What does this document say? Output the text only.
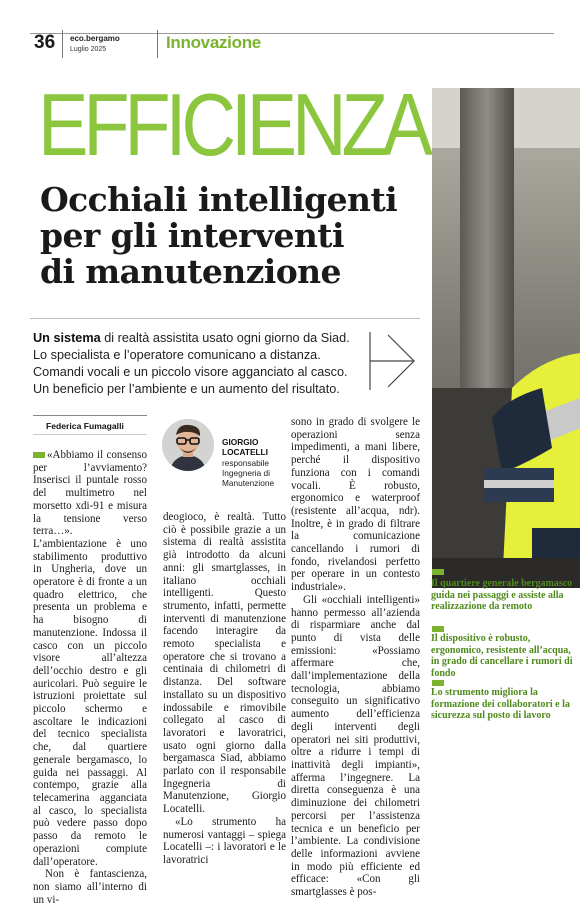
36 eco.bergamo
Luglio 2025	Innovazione
EFFICIENZA
Occhiali intelligenti
per gli interventi
di manutenzione
Un sistema di realtà assistita usato ogni giorno da Siad.
Lo specialista e l’operatore comunicano a distanza.
Comandi vocali e un piccolo visore agganciato al casco.
Un beneficio per l’ambiente e un aumento del risultato.
Federica Fumagalli

«Abbiamo il consenso per l’avviamento? Inserisci il puntale rosso del multimetro nel morsetto xdi-91 e misura la tensione verso terra…». L’ambientazione è uno stabilimento produttivo in Ungheria, dove un operatore è di fronte a un quadro elettrico, che presenta un problema e ha bisogno di manutenzione. Indossa il casco con un piccolo visore all’altezza dell’occhio destro e gli auricolari. Può seguire le istruzioni proiettate sul piccolo schermo e ascoltare le indicazioni del tecnico specialista che, dal quartiere generale bergamasco, lo guida nei passaggi. Al contempo, grazie alla telecamerina agganciata al casco, lo specialista può vedere passo dopo passo da remoto le operazioni compiute dall’operatore.

Non è fantascienza, non siamo all’interno di un vi-

GIORGIO
LOCATELLI
responsabile
Ingegneria di
Manutenzione

deogioco, è realtà. Tutto ciò è possibile grazie a un sistema di realtà assistita già introdotto da alcuni anni: gli smartglasses, in italiano occhiali intelligenti. Questo strumento, infatti, permette interventi di manutenzione facendo interagire da remoto specialista e operatore che si trovano a centinaia di chilometri di distanza. Del software installato su un dispositivo indossabile e rimovibile collegato al casco di lavoratori e lavoratrici, usato ogni giorno dalla bergamasca Siad, abbiamo parlato con il responsabile Ingegneria di Manutenzione, Giorgio Locatelli.

«Lo strumento ha numerosi vantaggi – spiega Locatelli –: i lavoratori e le lavoratrici

sono in grado di svolgere le operazioni senza impedimenti, a mani libere, perché il dispositivo funziona con i comandi vocali. È robusto, ergonomico e waterproof (resistente all’acqua, ndr). Inoltre, è in grado di filtrare la comunicazione cancellando i rumori di fondo, rivelandosi perfetto per operare in un contesto industriale».

Gli «occhiali intelligenti» hanno permesso all’azienda di risparmiare anche dal punto di vista delle emissioni: «Possiamo affermare che, dall’implementazione della tecnologia, abbiamo conseguito un significativo aumento dell’efficienza degli interventi degli operatori nei siti produttivi, oltre a ridurre i tempi di inattività degli impianti», afferma l’ingegnere. La diretta conseguenza è una diminuzione dei chilometri percorsi per l’assistenza tecnica e un beneficio per l’ambiente. La condivisione delle informazioni avviene in modo più efficiente ed efficace: «Con gli smartglasses è pos-

Il quartiere generale bergamasco guida nei passaggi e assiste alla realizzazione da remoto
Il dispositivo è robusto, ergonomico, resistente all’acqua, in grado di cancellare i rumori di fondo
Lo strumento migliora la formazione dei collaboratori e la sicurezza sul posto di lavoro
